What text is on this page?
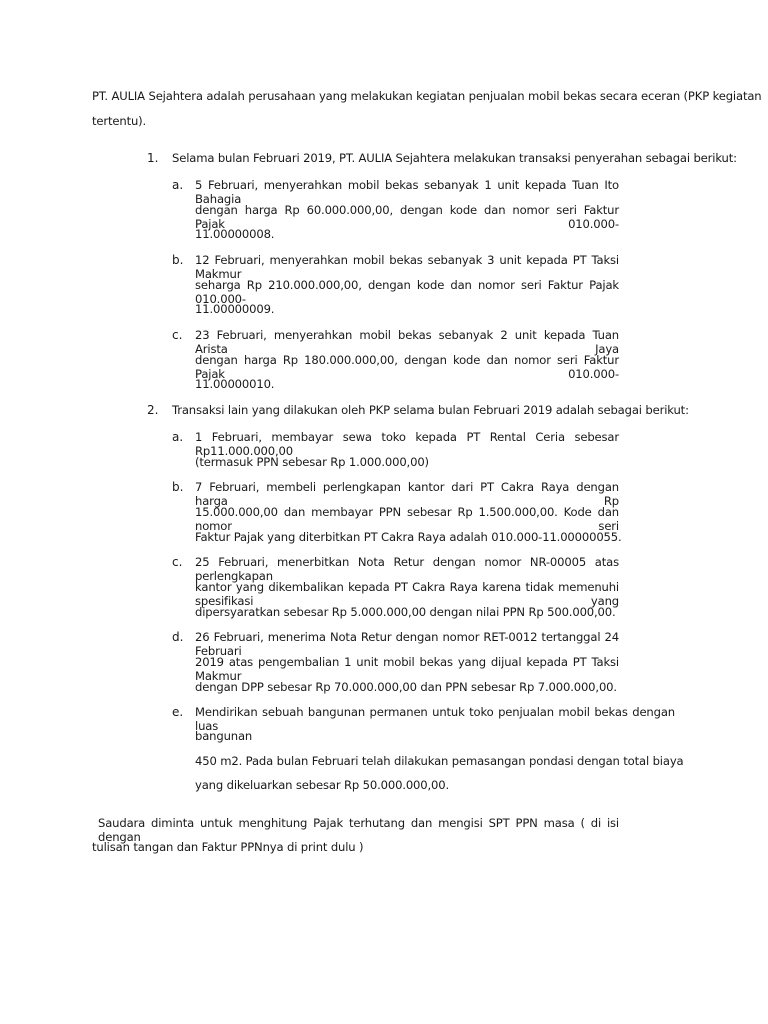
PT. AULIA Sejahtera adalah perusahaan yang melakukan kegiatan penjualan mobil bekas secara eceran (PKP kegiatan
tertentu).
1. Selama bulan Februari 2019, PT. AULIA Sejahtera melakukan transaksi penyerahan sebagai berikut:
a. 5 Februari, menyerahkan mobil bekas sebanyak 1 unit kepada Tuan Ito Bahagia
dengan harga Rp 60.000.000,00, dengan kode dan nomor seri Faktur Pajak 010.000-
11.00000008.
b. 12 Februari, menyerahkan mobil bekas sebanyak 3 unit kepada PT Taksi Makmur
seharga Rp 210.000.000,00, dengan kode dan nomor seri Faktur Pajak 010.000-
11.00000009.
c. 23 Februari, menyerahkan mobil bekas sebanyak 2 unit kepada Tuan Arista Jaya
dengan harga Rp 180.000.000,00, dengan kode dan nomor seri Faktur Pajak 010.000-
11.00000010.
2. Transaksi lain yang dilakukan oleh PKP selama bulan Februari 2019 adalah sebagai berikut:
a. 1 Februari, membayar sewa toko kepada PT Rental Ceria sebesar Rp11.000.000,00
(termasuk PPN sebesar Rp 1.000.000,00)
b. 7 Februari, membeli perlengkapan kantor dari PT Cakra Raya dengan harga Rp
15.000.000,00 dan membayar PPN sebesar Rp 1.500.000,00. Kode dan nomor seri
Faktur Pajak yang diterbitkan PT Cakra Raya adalah 010.000-11.00000055.
c. 25 Februari, menerbitkan Nota Retur dengan nomor NR-00005 atas perlengkapan
kantor yang dikembalikan kepada PT Cakra Raya karena tidak memenuhi spesifikasi yang
dipersyaratkan sebesar Rp 5.000.000,00 dengan nilai PPN Rp 500.000,00.
d. 26 Februari, menerima Nota Retur dengan nomor RET-0012 tertanggal 24 Februari
2019 atas pengembalian 1 unit mobil bekas yang dijual kepada PT Taksi Makmur
dengan DPP sebesar Rp 70.000.000,00 dan PPN sebesar Rp 7.000.000,00.
e. Mendirikan sebuah bangunan permanen untuk toko penjualan mobil bekas dengan luas
bangunan
450 m2. Pada bulan Februari telah dilakukan pemasangan pondasi dengan total biaya
yang dikeluarkan sebesar Rp 50.000.000,00.
Saudara diminta untuk menghitung Pajak terhutang dan mengisi SPT PPN masa ( di isi dengan
tulisan tangan dan Faktur PPNnya di print dulu )
